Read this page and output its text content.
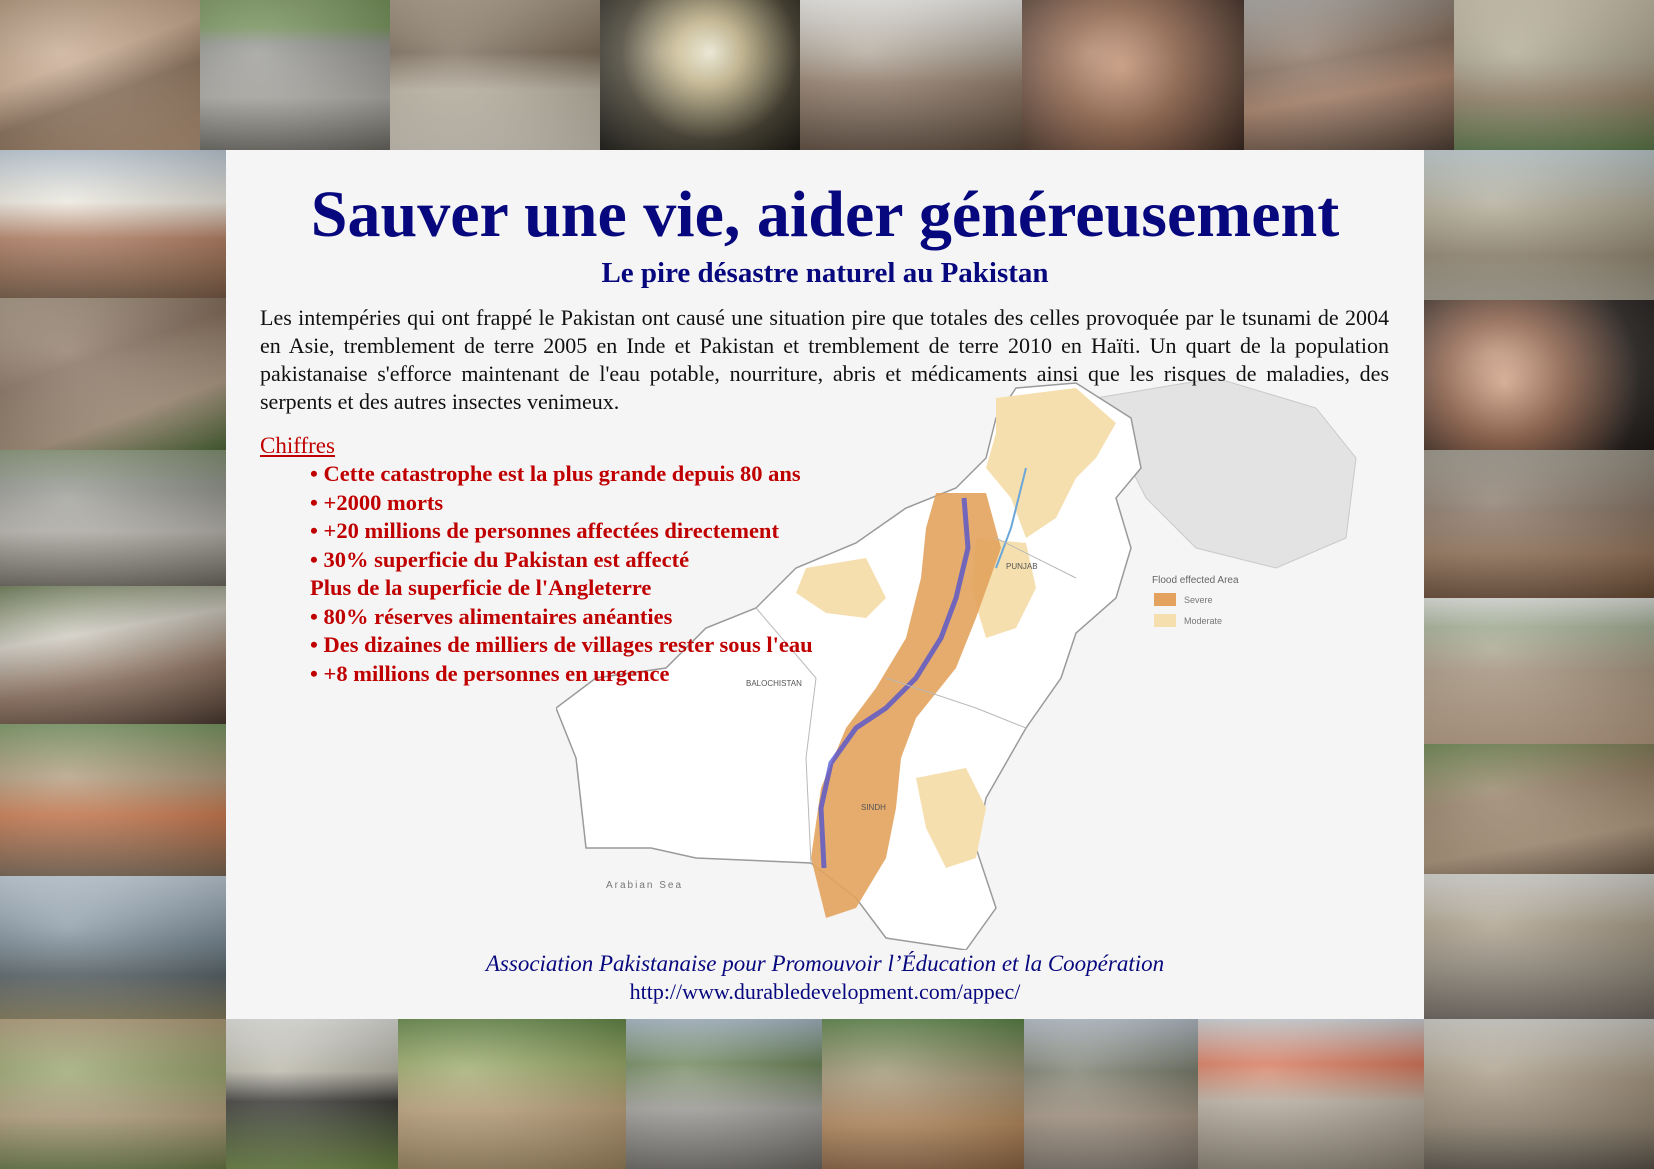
PUNJAB
BALOCHISTAN
SINDH
Arabian Sea
Flood effected Area
Severe
Moderate
Sauver une vie, aider généreusement
Le pire désastre naturel au Pakistan

Les intempéries qui ont frappé le Pakistan ont causé une situation pire que totales des celles provoquée par le tsunami de 2004 en Asie, tremblement de terre 2005 en Inde et Pakistan et tremblement de terre 2010 en Haïti. Un quart de la population pakistanaise s'efforce maintenant de l'eau potable, nourriture, abris et médicaments ainsi que les risques de maladies, des serpents et des autres insectes venimeux.

Chiffres
• Cette catastrophe est la plus grande depuis 80 ans
• +2000 morts
• +20 millions de personnes affectées directement
• 30% superficie du Pakistan est affecté
Plus de la superficie de l'Angleterre
• 80% réserves alimentaires anéanties
• Des dizaines de milliers de villages rester sous l'eau
• +8 millions de personnes en urgence
Association Pakistanaise pour Promouvoir l’Éducation et la Coopération
http://www.durabledevelopment.com/appec/
